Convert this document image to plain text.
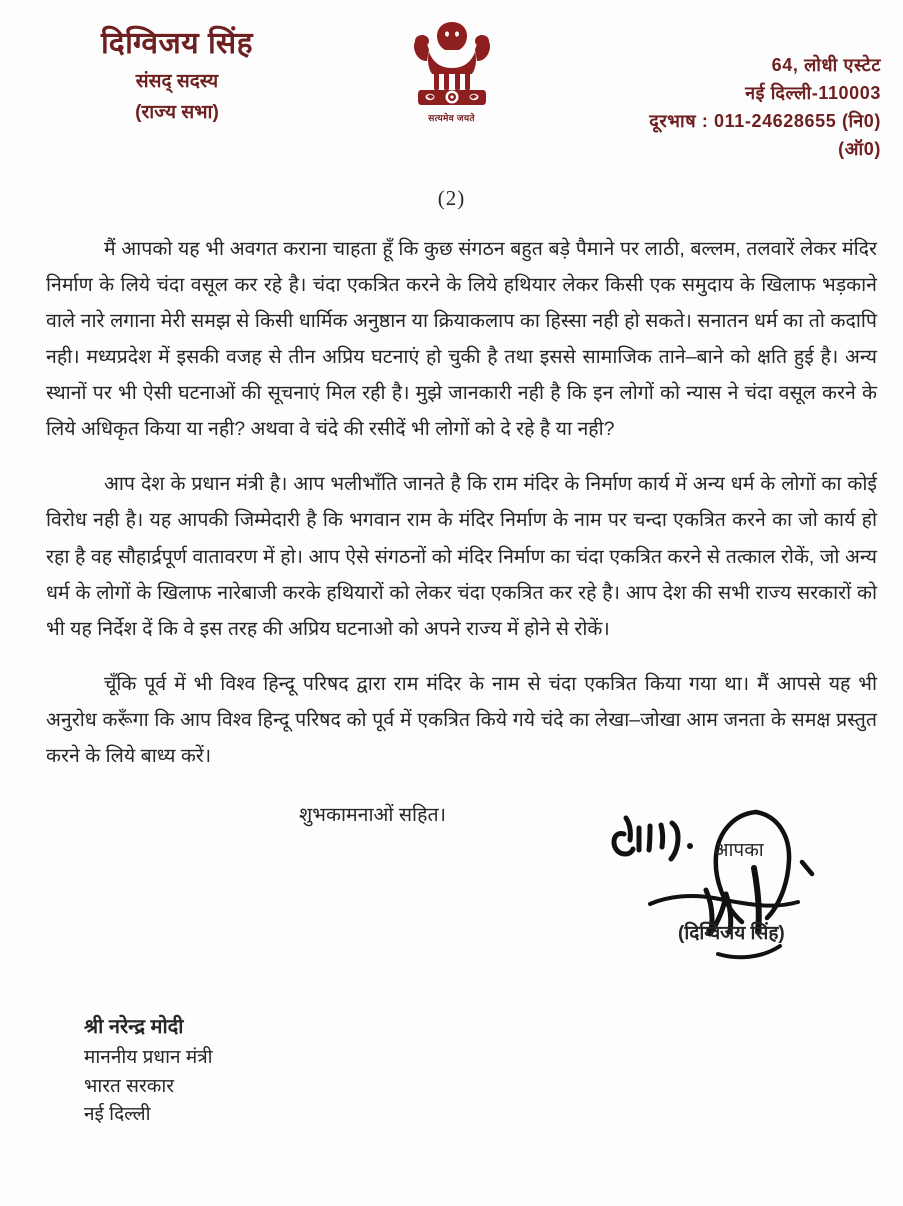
दिग्विजय सिंह
संसद् सदस्य
(राज्य सभा)	सत्यमेव जयते
64, लोधी एस्टेट
नई दिल्ली-110003
दूरभाष : 011-24628655 (नि0)
(ऑ0)
(2)

मैं आपको यह भी अवगत कराना चाहता हूँ कि कुछ संगठन बहुत बड़े पैमाने पर लाठी, बल्लम, तलवारें लेकर मंदिर निर्माण के लिये चंदा वसूल कर रहे है। चंदा एकत्रित करने के लिये हथियार लेकर किसी एक समुदाय के खिलाफ भड़काने वाले नारे लगाना मेरी समझ से किसी धार्मिक अनुष्ठान या क्रियाकलाप का हिस्सा नही हो सकते। सनातन धर्म का तो कदापि नही। मध्यप्रदेश में इसकी वजह से तीन अप्रिय घटनाएं हो चुकी है तथा इससे सामाजिक ताने–बाने को क्षति हुई है। अन्य स्थानों पर भी ऐसी घटनाओं की सूचनाएं मिल रही है। मुझे जानकारी नही है कि इन लोगों को न्यास ने चंदा वसूल करने के लिये अधिकृत किया या नही? अथवा वे चंदे की रसीदें भी लोगों को दे रहे है या नही?

आप देश के प्रधान मंत्री है। आप भलीभाँति जानते है कि राम मंदिर के निर्माण कार्य में अन्य धर्म के लोगों का कोई विरोध नही है। यह आपकी जिम्मेदारी है कि भगवान राम के मंदिर निर्माण के नाम पर चन्दा एकत्रित करने का जो कार्य हो रहा है वह सौहार्द्रपूर्ण वातावरण में हो। आप ऐसे संगठनों को मंदिर निर्माण का चंदा एकत्रित करने से तत्काल रोकें, जो अन्य धर्म के लोगों के खिलाफ नारेबाजी करके हथियारों को लेकर चंदा एकत्रित कर रहे है। आप देश की सभी राज्य सरकारों को भी यह निर्देश दें कि वे इस तरह की अप्रिय घटनाओ को अपने राज्य में होने से रोकें।

चूँकि पूर्व में भी विश्व हिन्दू परिषद द्वारा राम मंदिर के नाम से चंदा एकत्रित किया गया था। मैं आपसे यह भी अनुरोध करूँगा कि आप विश्व हिन्दू परिषद को पूर्व में एकत्रित किये गये चंदे का लेखा–जोखा आम जनता के समक्ष प्रस्तुत करने के लिये बाध्य करें।

शुभकामनाओं सहित।
आपका
(दिग्विजय सिंह)
श्री नरेन्द्र मोदी
माननीय प्रधान मंत्री
भारत सरकार
नई दिल्ली
